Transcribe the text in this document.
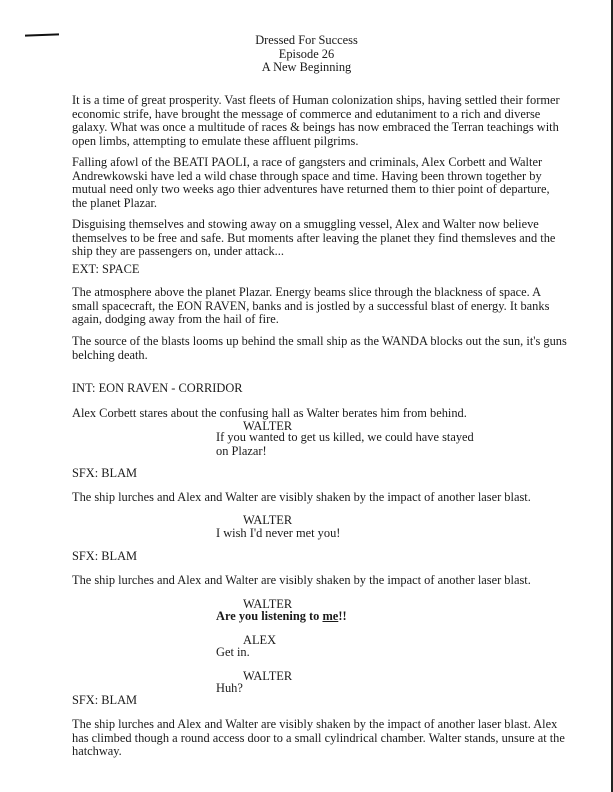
Dressed For Success
Episode 26
A New Beginning
It is a time of great prosperity. Vast fleets of Human colonization ships, having settled their former
economic strife, have brought the message of commerce and edutaniment to a rich and diverse
galaxy. What was once a multitude of races & beings has now embraced the Terran teachings with
open limbs, attempting to emulate these affluent pilgrims.
Falling afowl of the BEATI PAOLI, a race of gangsters and criminals, Alex Corbett and Walter
Andrewkowski have led a wild chase through space and time. Having been thrown together by
mutual need only two weeks ago thier adventures have returned them to thier point of departure,
the planet Plazar.
Disguising themselves and stowing away on a smuggling vessel, Alex and Walter now believe
themselves to be free and safe. But moments after leaving the planet they find themsleves and the
ship they are passengers on, under attack...
EXT: SPACE
The atmosphere above the planet Plazar. Energy beams slice through the blackness of space. A
small spacecraft, the EON RAVEN, banks and is jostled by a successful blast of energy. It banks
again, dodging away from the hail of fire.
The source of the blasts looms up behind the small ship as the WANDA blocks out the sun, it's guns
belching death.
INT: EON RAVEN - CORRIDOR
Alex Corbett stares about the confusing hall as Walter berates him from behind.
WALTER
If you wanted to get us killed, we could have stayed
on Plazar!
SFX: BLAM
The ship lurches and Alex and Walter are visibly shaken by the impact of another laser blast.
WALTER
I wish I'd never met you!
SFX: BLAM
The ship lurches and Alex and Walter are visibly shaken by the impact of another laser blast.
WALTER
Are you listening to me!!
ALEX
Get in.
WALTER
Huh?
SFX: BLAM
The ship lurches and Alex and Walter are visibly shaken by the impact of another laser blast. Alex
has climbed though a round access door to a small cylindrical chamber. Walter stands, unsure at the
hatchway.
